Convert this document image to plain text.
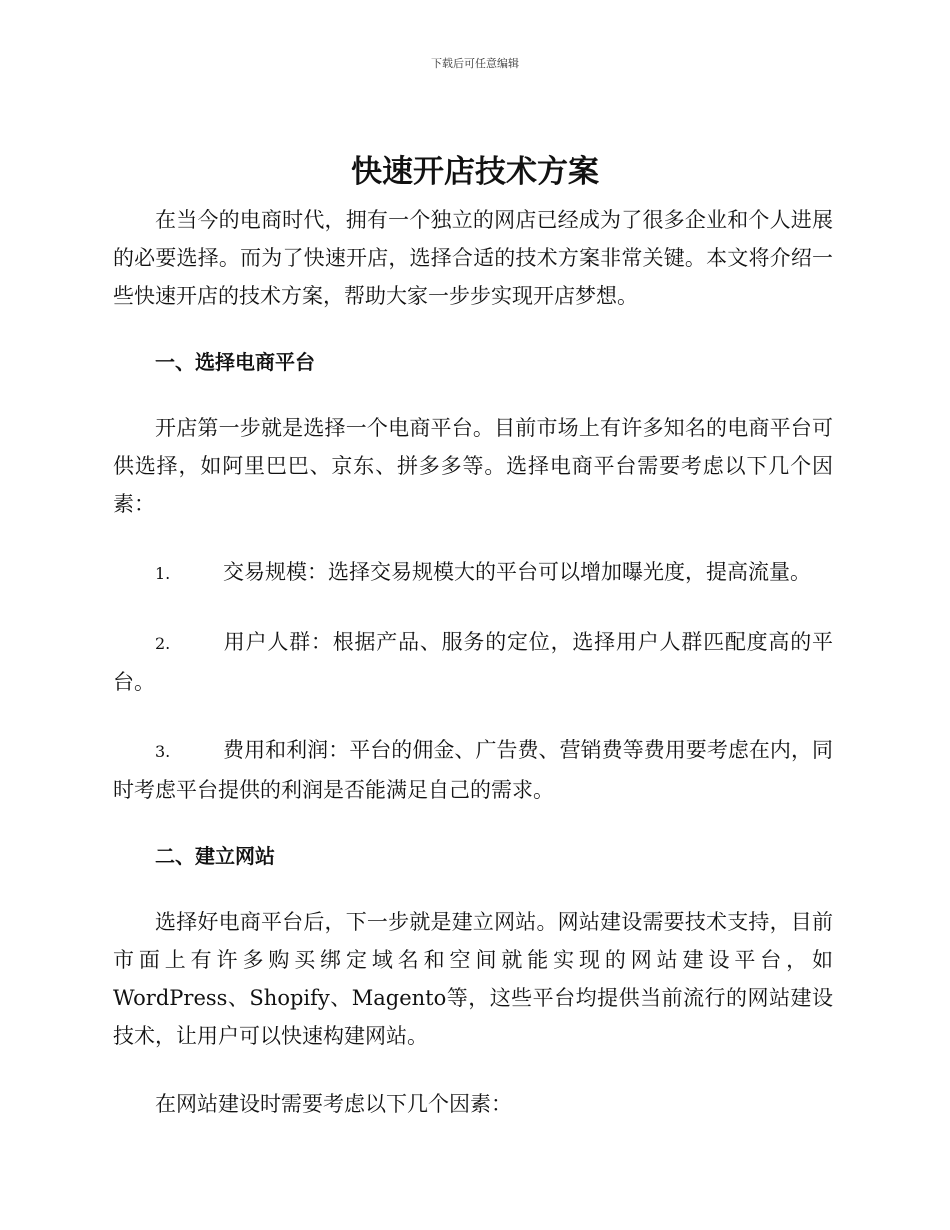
下载后可任意编辑
快速开店技术方案

在当今的电商时代，拥有一个独立的网店已经成为了很多企业和个人进展的必要选择。而为了快速开店，选择合适的技术方案非常关键。本文将介绍一些快速开店的技术方案，帮助大家一步步实现开店梦想。

一、选择电商平台

开店第一步就是选择一个电商平台。目前市场上有许多知名的电商平台可供选择，如阿里巴巴、京东、拼多多等。选择电商平台需要考虑以下几个因素：

1.	交易规模：选择交易规模大的平台可以增加曝光度，提高流量。

2.	用户人群：根据产品、服务的定位，选择用户人群匹配度高的平台。

3.	费用和利润：平台的佣金、广告费、营销费等费用要考虑在内，同时考虑平台提供的利润是否能满足自己的需求。

二、建立网站

选择好电商平台后，下一步就是建立网站。网站建设需要技术支持，目前市面上有许多购买绑定域名和空间就能实现的网站建设平台，如WordPress、Shopify、Magento等，这些平台均提供当前流行的网站建设技术，让用户可以快速构建网站。

在网站建设时需要考虑以下几个因素：
